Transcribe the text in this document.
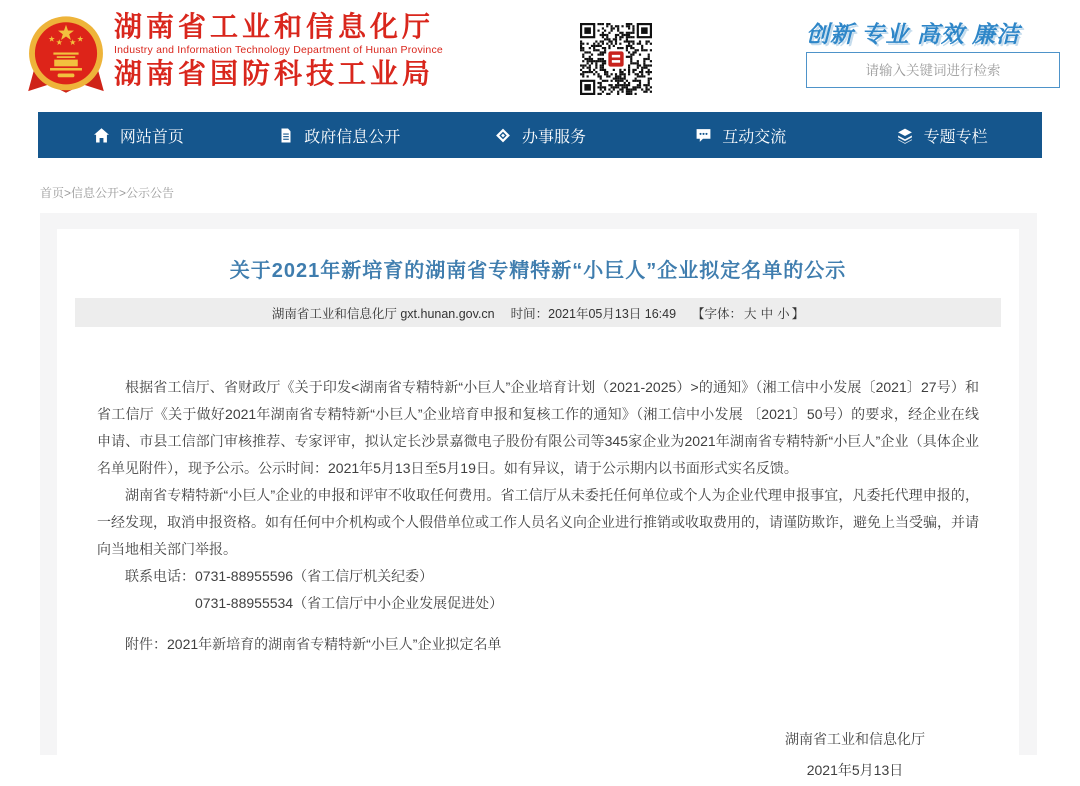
湖南省工业和信息化厅
Industry and Information Technology Department of Hunan Province
湖南省国防科技工业局
创新 专业 高效 廉洁
请输入关键词进行检索
网站首页	政府信息公开	办事服务	互动交流	专题专栏
首页>信息公开>公示公告
关于2021年新培育的湖南省专精特新“小巨人”企业拟定名单的公示
湖南省工业和信息化厅 gxt.hunan.gov.cn 时间： 2021年05月13日 16:49 【字体： 大 中 小 】

根据省工信厅、省财政厅《关于印发<湖南省专精特新“小巨人”企业培育计划（2021-2025）>的通知》（湘工信中小发展〔2021〕27号）和省工信厅《关于做好2021年湖南省专精特新“小巨人”企业培育申报和复核工作的通知》（湘工信中小发展 〔2021〕50号）的要求，经企业在线申请、市县工信部门审核推荐、专家评审，拟认定长沙景嘉微电子股份有限公司等345家企业为2021年湖南省专精特新“小巨人”企业（具体企业名单见附件），现予公示。公示时间：2021年5月13日至5月19日。如有异议，请于公示期内以书面形式实名反馈。

湖南省专精特新“小巨人”企业的申报和评审不收取任何费用。省工信厅从未委托任何单位或个人为企业代理申报事宜，凡委托代理申报的，一经发现，取消申报资格。如有任何中介机构或个人假借单位或工作人员名义向企业进行推销或收取费用的，请谨防欺诈，避免上当受骗，并请向当地相关部门举报。

联系电话：0731-88955596（省工信厅机关纪委）

0731-88955534（省工信厅中小企业发展促进处）

附件：2021年新培育的湖南省专精特新“小巨人”企业拟定名单

湖南省工业和信息化厅
2021年5月13日
